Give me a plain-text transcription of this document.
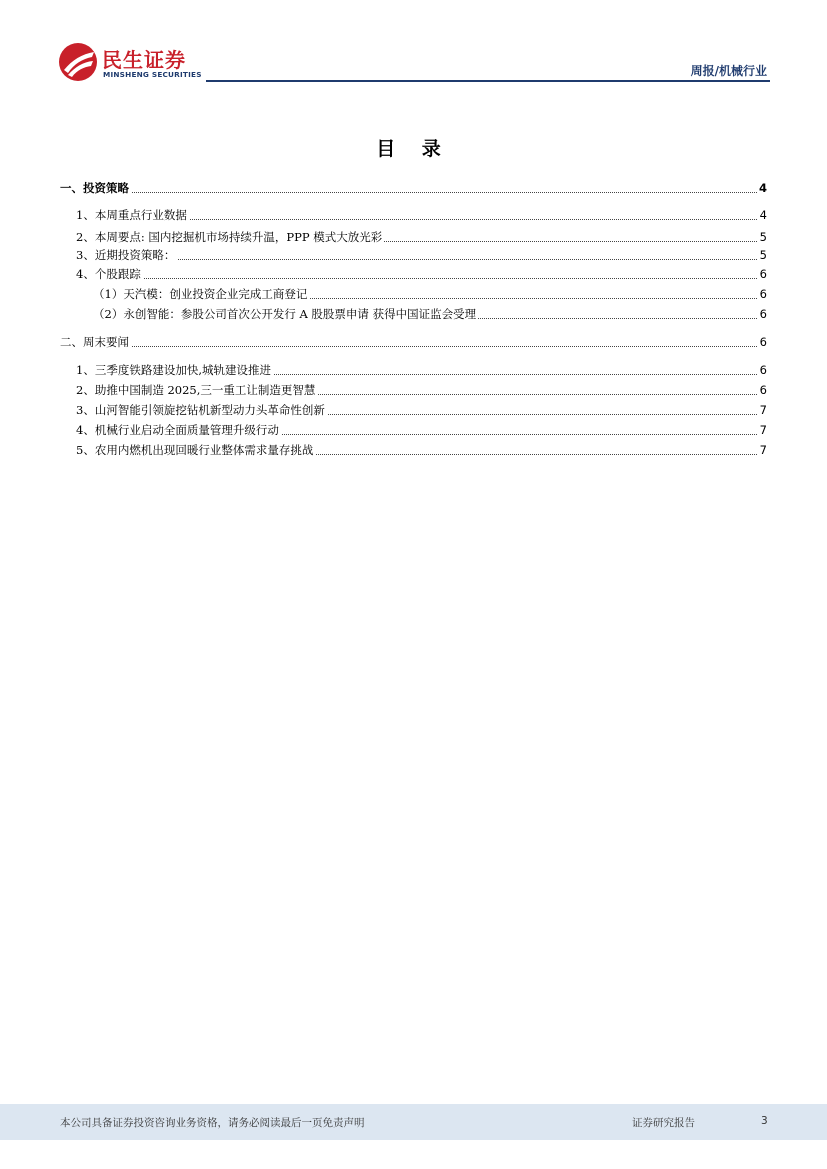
民生证券
MINSHENG SECURITIES	周报/机械行业
目 录
一、投资策略	4
1、本周重点行业数据	4
2、本周要点: 国内挖掘机市场持续升温，PPP 模式大放光彩	5
3、近期投资策略：	5
4、个股跟踪	6
（1）天汽模：创业投资企业完成工商登记	6
（2）永创智能：参股公司首次公开发行 A 股股票申请 获得中国证监会受理	6
二、周末要闻	6
1、三季度铁路建设加快,城轨建设推进	6
2、助推中国制造 2025,三一重工让制造更智慧	6
3、山河智能引领旋挖钻机新型动力头革命性创新	7
4、机械行业启动全面质量管理升级行动	7
5、农用内燃机出现回暖行业整体需求量存挑战	7
本公司具备证券投资咨询业务资格，请务必阅读最后一页免责声明	证券研究报告	3
